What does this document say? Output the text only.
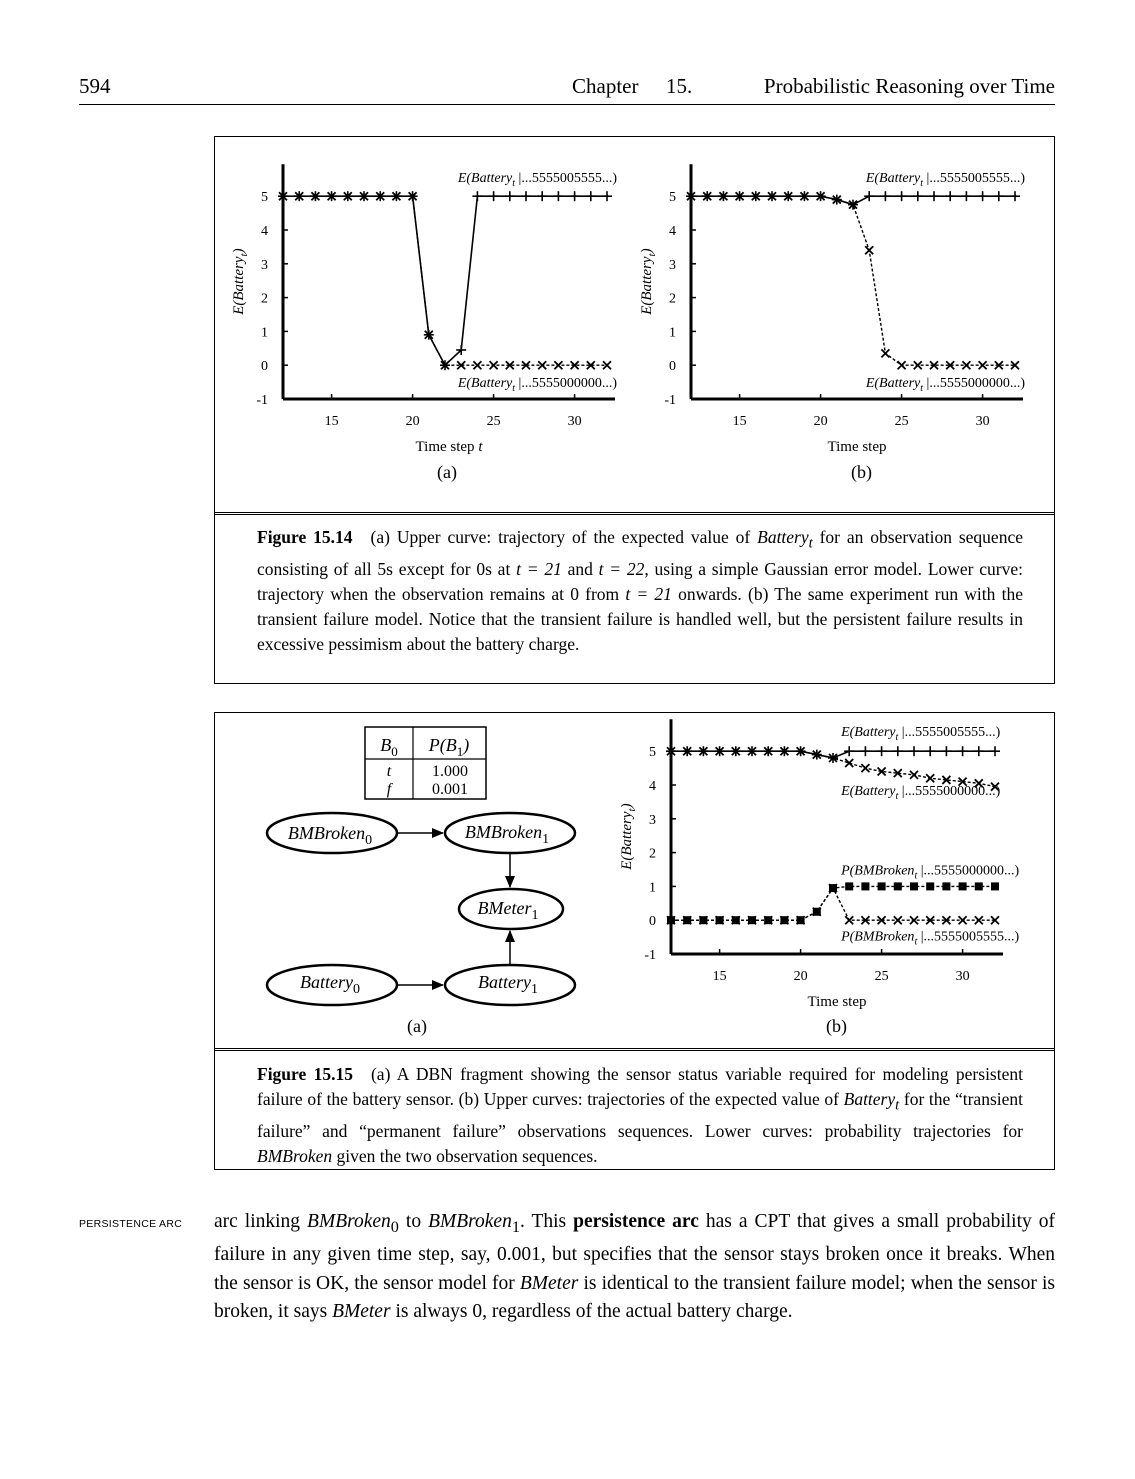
594	Chapter 15.	Probabilistic Reasoning over Time
5
4
3
2
1
0
-1
15	20	25	30
Time step t
E(Battery$_t$)
E(Battery$_t$ |...5555005555...)
E(Battery$_t$ |...5555000000...)
5
4
3
2
1
0
-1
15	20	25	30
Time step
E(Battery$_t$)
E(Battery$_t$ |...5555005555...)
E(Battery$_t$ |...5555000000...)
5
4
3
2
1
0
-1
15	20	25	30
Time step
E(Battery$_t$)
E(Battery$_t$ |...5555005555...)
E(Battery$_t$ |...5555000000...)
P(BMBroken$_t$ |...5555000000...)
P(BMBroken$_t$ |...5555005555...)
(a)	(b)
Figure 15.14 (a) Upper curve: trajectory of the expected value of Battery$_t$ for an observation sequence consisting of all 5s except for 0s at t = 21 and t = 22, using a simple Gaussian error model. Lower curve: trajectory when the observation remains at 0 from t = 21 onwards. (b) The same experiment run with the transient failure model. Notice that the transient failure is handled well, but the persistent failure results in excessive pessimism about the battery charge.
$B_0$ $P(B_1)$
t	1.000
f	0.001
BMBroken$_0$	BMBroken$_1$
BMeter$_1$
Battery$_0$	Battery$_1$
(a)	(b)
Figure 15.15 (a) A DBN fragment showing the sensor status variable required for modeling persistent failure of the battery sensor. (b) Upper curves: trajectories of the expected value of Battery$_t$ for the “transient failure” and “permanent failure” observations sequences. Lower curves: probability trajectories for BMBroken given the two observation sequences.
PERSISTENCE ARC arc linking BMBroken$_0$ to BMBroken$_1$. This persistence arc has a CPT that gives a small probability of failure in any given time step, say, 0.001, but specifies that the sensor stays broken once it breaks. When the sensor is OK, the sensor model for BMeter is identical to the transient failure model; when the sensor is broken, it says BMeter is always 0, regardless of the actual battery charge.
